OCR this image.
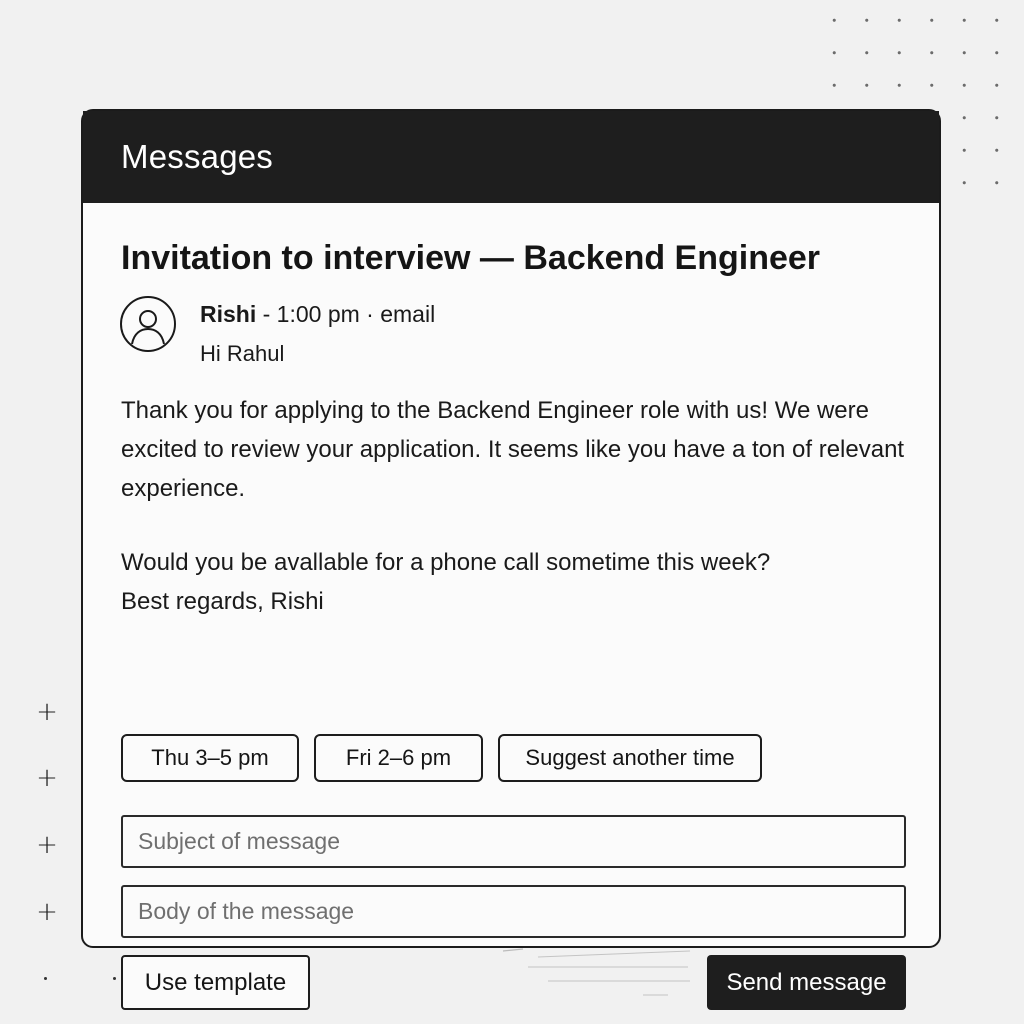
+
+
+
+
Messages
Invitation to interview — Backend Engineer
Rishi - 1:00 pm · email
Hi Rahul

Thank you for applying to the Backend Engineer role with us! We were excited to review your application. It seems like you have a ton of relevant experience.

Would you be avallable for a phone call sometime this week?

Best regards, Rishi

Thu 3–5 pm	Fri 2–6 pm	Suggest another time
Subject of message
Body of the message
Use template	Send message
